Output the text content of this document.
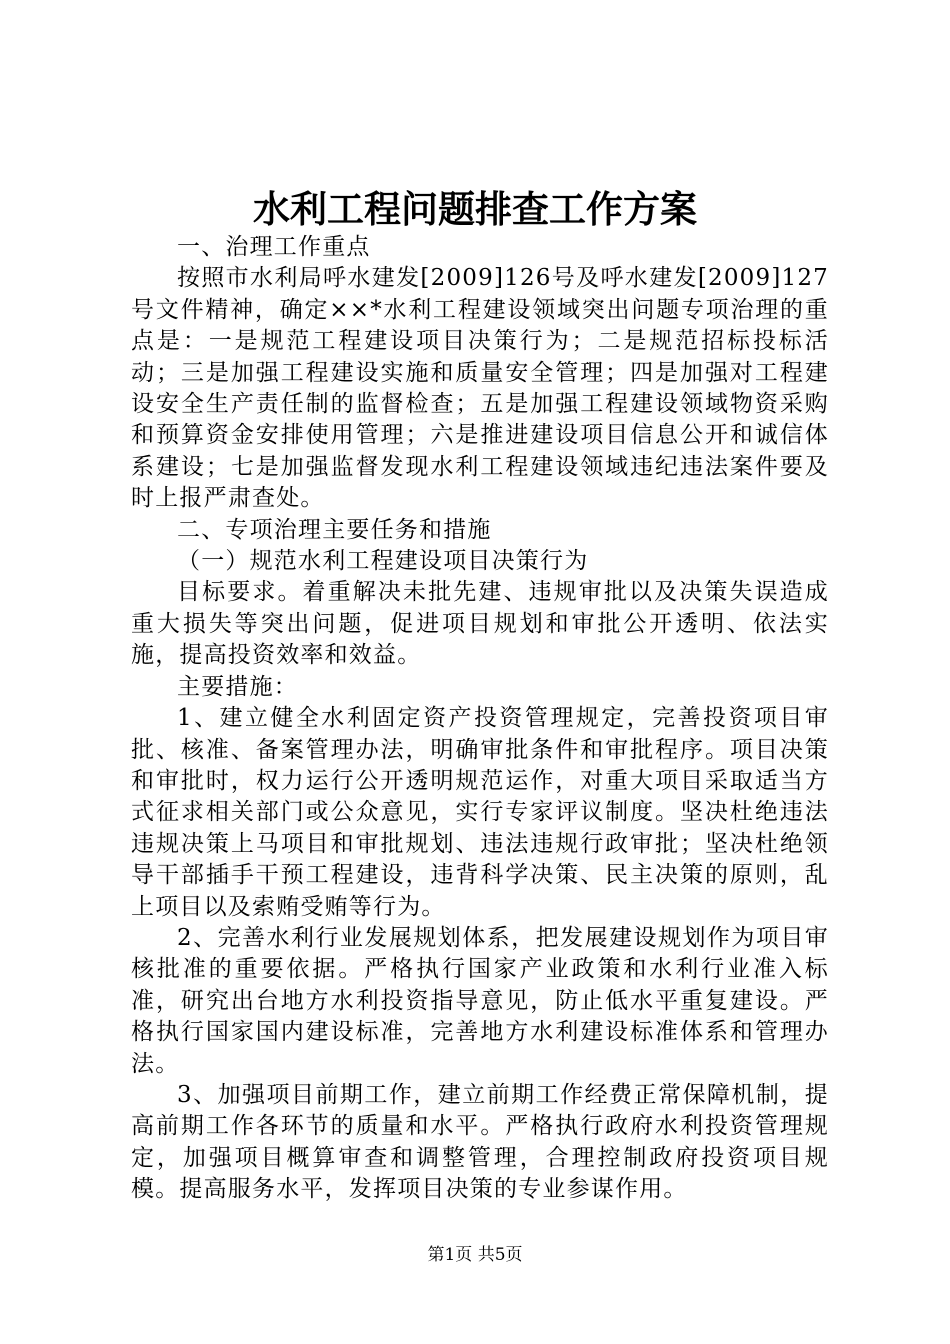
水利工程问题排查工作方案

一、治理工作重点

按照市水利局呼水建发[2009]126号及呼水建发[2009]127号文件精神，确定××*水利工程建设领域突出问题专项治理的重点是：一是规范工程建设项目决策行为；二是规范招标投标活动；三是加强工程建设实施和质量安全管理；四是加强对工程建设安全生产责任制的监督检查；五是加强工程建设领域物资采购和预算资金安排使用管理；六是推进建设项目信息公开和诚信体系建设；七是加强监督发现水利工程建设领域违纪违法案件要及时上报严肃查处。

二、专项治理主要任务和措施

（一）规范水利工程建设项目决策行为

目标要求。着重解决未批先建、违规审批以及决策失误造成重大损失等突出问题，促进项目规划和审批公开透明、依法实施，提高投资效率和效益。

主要措施：

1、建立健全水利固定资产投资管理规定，完善投资项目审批、核准、备案管理办法，明确审批条件和审批程序。项目决策和审批时，权力运行公开透明规范运作，对重大项目采取适当方式征求相关部门或公众意见，实行专家评议制度。坚决杜绝违法违规决策上马项目和审批规划、违法违规行政审批；坚决杜绝领导干部插手干预工程建设，违背科学决策、民主决策的原则，乱上项目以及索贿受贿等行为。

2、完善水利行业发展规划体系，把发展建设规划作为项目审核批准的重要依据。严格执行国家产业政策和水利行业准入标准，研究出台地方水利投资指导意见，防止低水平重复建设。严格执行国家国内建设标准，完善地方水利建设标准体系和管理办法。

3、加强项目前期工作，建立前期工作经费正常保障机制，提高前期工作各环节的质量和水平。严格执行政府水利投资管理规定，加强项目概算审查和调整管理，合理控制政府投资项目规模。提高服务水平，发挥项目决策的专业参谋作用。

第1页 共5页
